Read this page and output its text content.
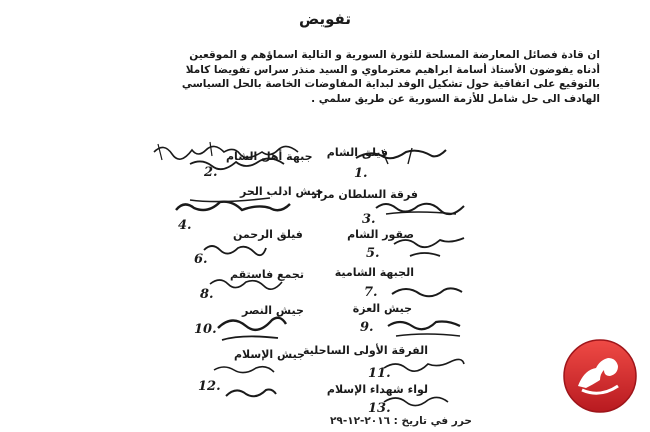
تفويض
ان قادة فصائل المعارضة المسلحة للثورة السورية و التالية اسماؤهم و الموقعين
أدناه يفوضون الأستاذ أسامة ابراهيم معترماوي و السيد منذر سراس تفويضا كاملا
بالتوقيع على اتفاقية حول تشكيل الوفد لبداية المفاوضات الخاصة بالحل السياسي
الهادف الى حل شامل للأزمة السورية عن طريق سلمي .
فيلق الشام
فرقة السلطان مراد
صقور الشام
الجبهة الشامية
جيش العزة
الفرقة الأولى الساحلية
لواء شهداء الإسلام
جبهة أهل الشام
جيش ادلب الحر
فيلق الرحمن
تجمع فاستقم
جيش النصر
جيش الإسلام
1.
3.
5.
7.
9.
11.
13.
2.
4.
6.
8.
10.
12.
حرر في تاريخ : ٢٠١٦-١٢-٢٩
